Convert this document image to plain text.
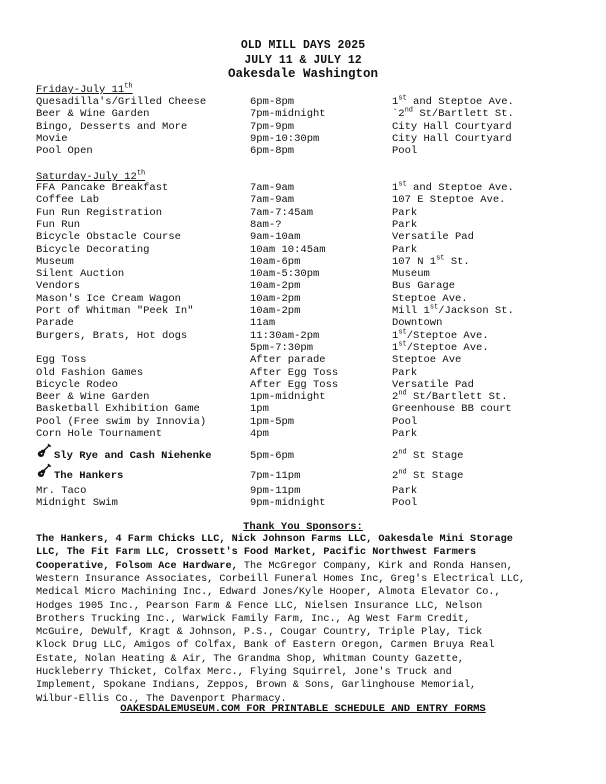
OLD MILL DAYS 2025
JULY 11 & JULY 12
Oakesdale Washington
Friday-July 11th
Quesadilla's/Grilled Cheese	6pm-8pm	1st and Steptoe Ave.
Beer & Wine Garden	7pm-midnight	`2nd St/Bartlett St.
Bingo, Desserts and More	7pm-9pm	City Hall Courtyard
Movie	9pm-10:30pm	City Hall Courtyard
Pool Open	6pm-8pm	Pool
Saturday-July 12th
FFA Pancake Breakfast	7am-9am	1st and Steptoe Ave.
Coffee Lab	7am-9am	107 E Steptoe Ave.
Fun Run Registration	7am-7:45am	Park
Fun Run	8am-?	Park
Bicycle Obstacle Course	9am-10am	Versatile Pad
Bicycle Decorating	10am 10:45am	Park
Museum	10am-6pm	107 N 1st St.
Silent Auction	10am-5:30pm	Museum
Vendors	10am-2pm	Bus Garage
Mason's Ice Cream Wagon	10am-2pm	Steptoe Ave.
Port of Whitman "Peek In"	10am-2pm	Mill 1st/Jackson St.
Parade	11am	Downtown
Burgers, Brats, Hot dogs	11:30am-2pm	1st/Steptoe Ave.
5pm-7:30pm	1st/Steptoe Ave.
Egg Toss	After parade	Steptoe Ave
Old Fashion Games	After Egg Toss	Park
Bicycle Rodeo	After Egg Toss	Versatile Pad
Beer & Wine Garden	1pm-midnight	2nd St/Bartlett St.
Basketball Exhibition Game	1pm	Greenhouse BB court
Pool (Free swim by Innovia)	1pm-5pm	Pool
Corn Hole Tournament	4pm	Park
Sly Rye and Cash Niehenke	5pm-6pm	2nd St Stage
The Hankers	7pm-11pm	2nd St Stage
Mr. Taco	9pm-11pm	Park
Midnight Swim	9pm-midnight	Pool
Thank You Sponsors:
The Hankers, 4 Farm Chicks LLC, Nick Johnson Farms LLC, Oakesdale Mini Storage
LLC, The Fit Farm LLC, Crossett's Food Market, Pacific Northwest Farmers
Cooperative, Folsom Ace Hardware, The McGregor Company, Kirk and Ronda Hansen,
Western Insurance Associates, Corbeill Funeral Homes Inc, Greg's Electrical LLC,
Medical Micro Machining Inc., Edward Jones/Kyle Hooper, Almota Elevator Co.,
Hodges 1905 Inc., Pearson Farm & Fence LLC, Nielsen Insurance LLC, Nelson
Brothers Trucking Inc., Warwick Family Farm, Inc., Ag West Farm Credit,
McGuire, DeWulf, Kragt & Johnson, P.S., Cougar Country, Triple Play, Tick
Klock Drug LLC, Amigos of Colfax, Bank of Eastern Oregon, Carmen Bruya Real
Estate, Nolan Heating & Air, The Grandma Shop, Whitman County Gazette,
Huckleberry Thicket, Colfax Merc., Flying Squirrel, Jone's Truck and
Implement, Spokane Indians, Zeppos, Brown & Sons, Garlinghouse Memorial,
Wilbur-Ellis Co., The Davenport Pharmacy.
OAKESDALEMUSEUM.COM FOR PRINTABLE SCHEDULE AND ENTRY FORMS
